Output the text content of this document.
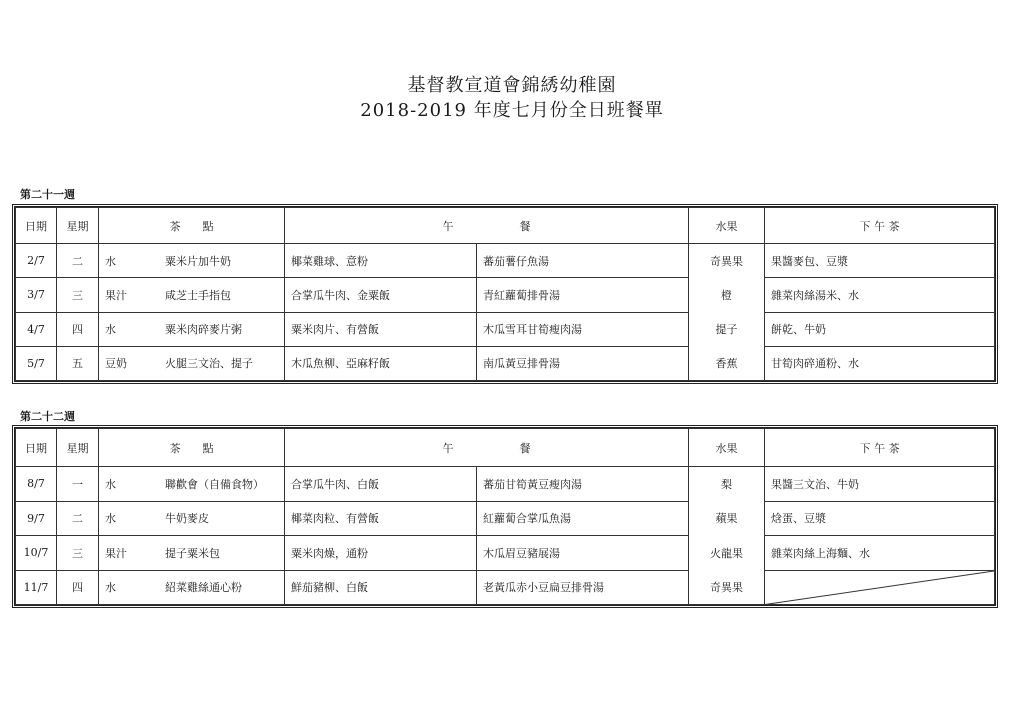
基督教宣道會錦綉幼稚園
2018-2019 年度七月份全日班餐單
第二十一週
日期	星期	茶　　點	午　　　　　　餐		水果	下 午 茶
2/7	二	水 粟米片加牛奶	椰菜雞球、意粉	蕃茄薯仔魚湯	奇異果	果醬麥包、豆漿
3/7	三	果汁 咸芝士手指包	合掌瓜牛肉、金粟飯	青紅蘿蔔排骨湯	橙	雜菜肉絲湯米、水
4/7	四	水 粟米肉碎麥片粥	粟米肉片、有營飯	木瓜雪耳甘筍瘦肉湯	提子	餅乾、牛奶
5/7	五	豆奶 火腿三文治、提子	木瓜魚柳、亞麻籽飯	南瓜黃豆排骨湯	香蕉	甘筍肉碎通粉、水
第二十二週
日期	星期	茶　　點	午　　　　　　餐		水果	下 午 茶
8/7	一	水 聯歡會（自備食物）	合掌瓜牛肉、白飯	蕃茄甘筍黃豆瘦肉湯	梨	果醬三文治、牛奶
9/7	二	水 牛奶麥皮	椰菜肉粒、有營飯	紅蘿蔔合掌瓜魚湯	蘋果	焓蛋、豆漿
10/7	三	果汁 提子粟米包	粟米肉燥，通粉	木瓜眉豆豬展湯	火龍果	雜菜肉絲上海麵、水
11/7	四	水 紹菜雞絲通心粉	鮮茄豬柳、白飯	老黃瓜赤小豆扁豆排骨湯	奇異果	
